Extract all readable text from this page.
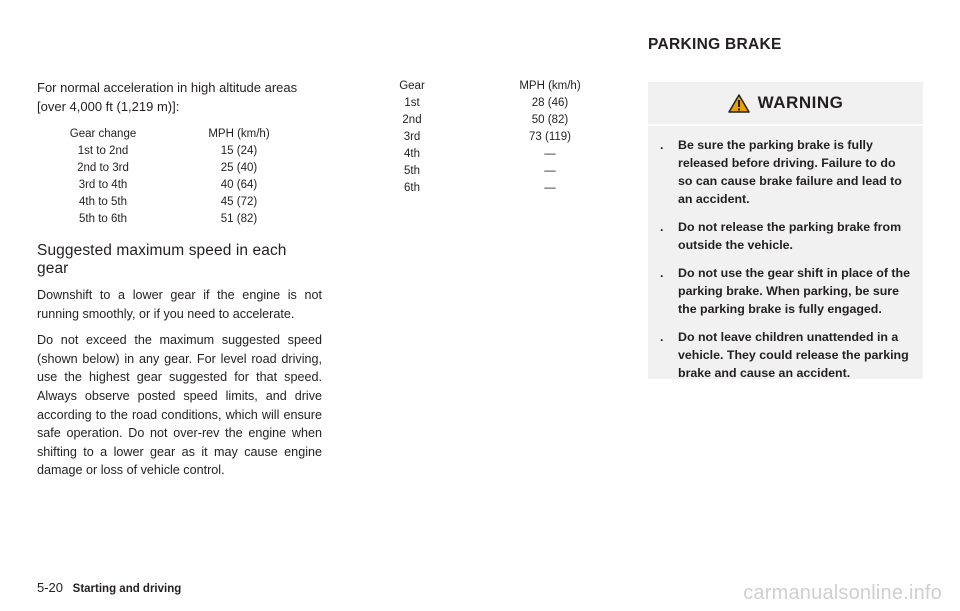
For normal acceleration in high altitude areas [over 4,000 ft (1,219 m)]:

Gear change	MPH (km/h)
1st to 2nd	15 (24)
2nd to 3rd	25 (40)
3rd to 4th	40 (64)
4th to 5th	45 (72)
5th to 6th	51 (82)
Suggested maximum speed in each gear

Downshift to a lower gear if the engine is not running smoothly, or if you need to accelerate.

Do not exceed the maximum suggested speed (shown below) in any gear. For level road driving, use the highest gear suggested for that speed. Always observe posted speed limits, and drive according to the road conditions, which will ensure safe operation. Do not over-rev the engine when shifting to a lower gear as it may cause engine damage or loss of vehicle control.

Gear	MPH (km/h)
1st	28 (46)
2nd	50 (82)
3rd	73 (119)
4th	—
5th	—
6th	—
PARKING BRAKE
WARNING
. Be sure the parking brake is fully released before driving. Failure to do so can cause brake failure and lead to an accident.
. Do not release the parking brake from outside the vehicle.
. Do not use the gear shift in place of the parking brake. When parking, be sure the parking brake is fully engaged.
. Do not leave children unattended in a vehicle. They could release the parking brake and cause an accident.
5-20 Starting and driving	carmanualsonline.info
